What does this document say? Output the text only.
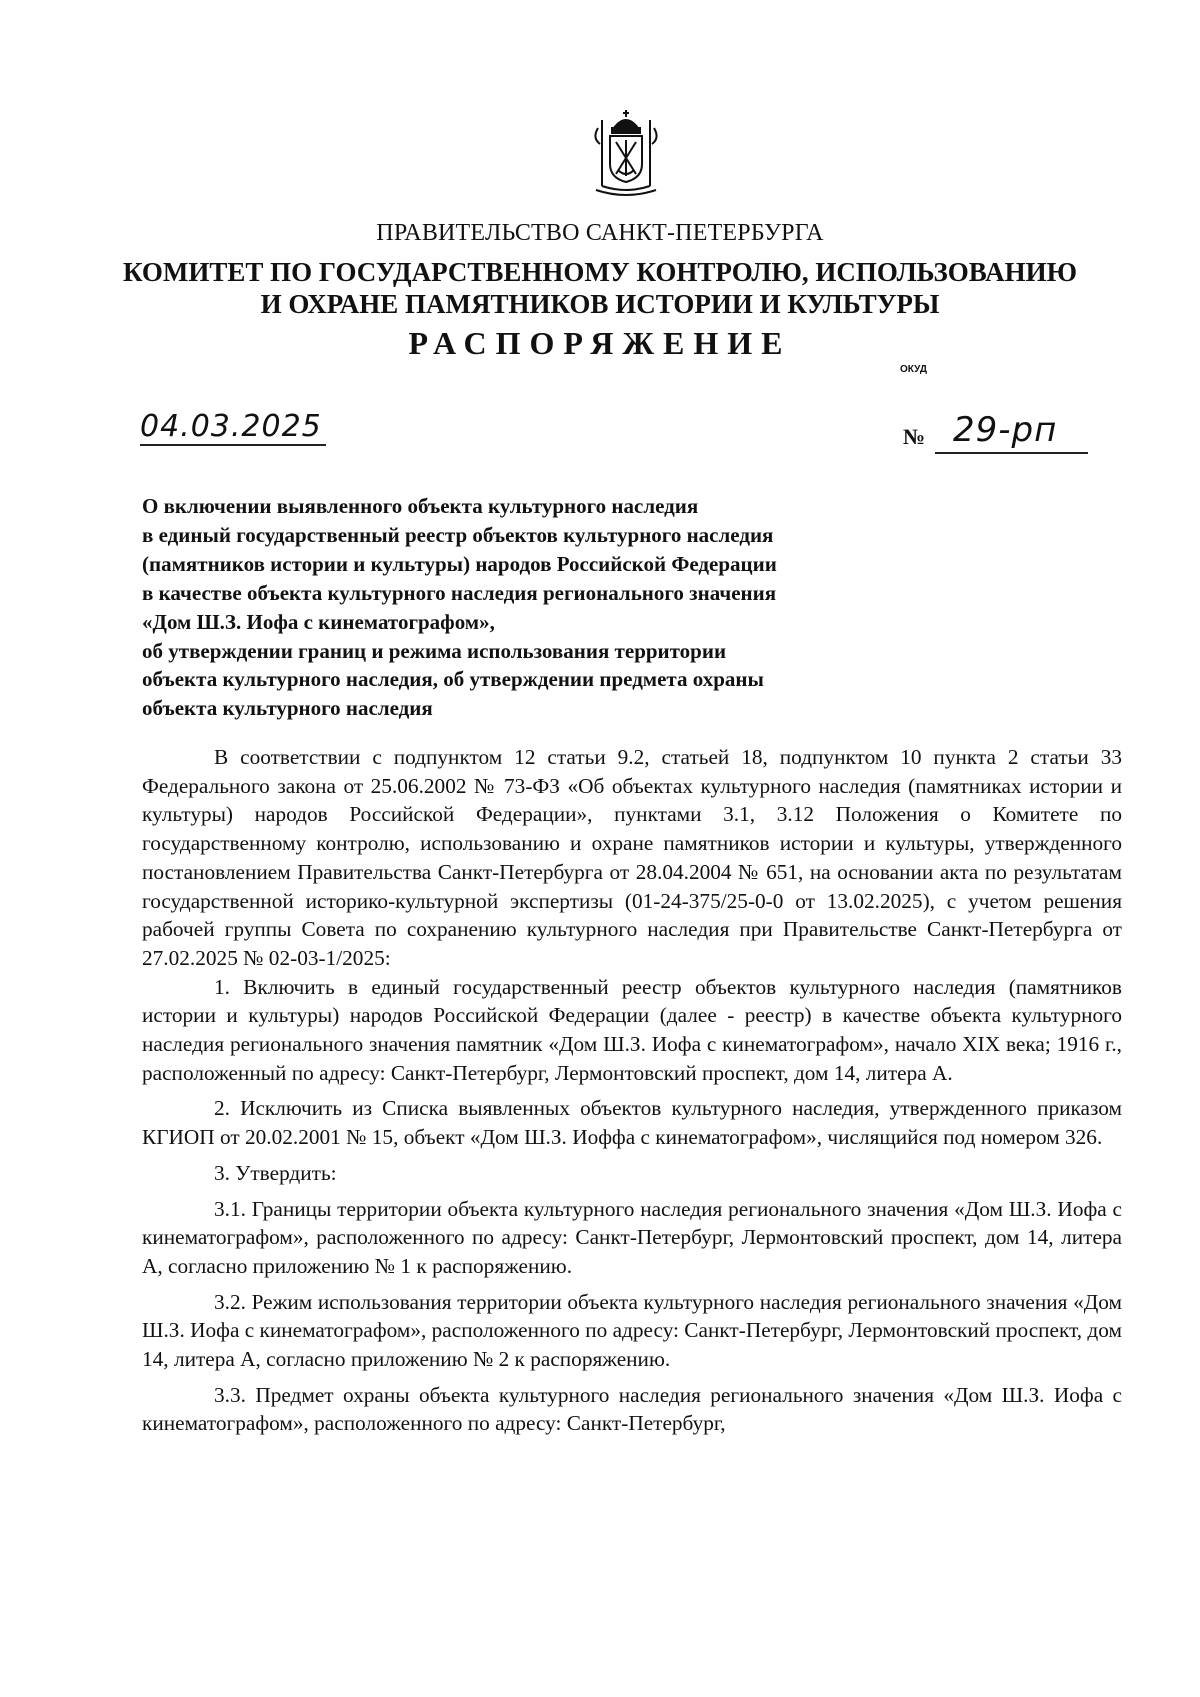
ПРАВИТЕЛЬСТВО САНКТ-ПЕТЕРБУРГА
КОМИТЕТ ПО ГОСУДАРСТВЕННОМУ КОНТРОЛЮ, ИСПОЛЬЗОВАНИЮ
И ОХРАНЕ ПАМЯТНИКОВ ИСТОРИИ И КУЛЬТУРЫ
РАСПОРЯЖЕНИЕ
ОКУД
04.03.2025	№ 29-рп
О включении выявленного объекта культурного наследия
в единый государственный реестр объектов культурного наследия
(памятников истории и культуры) народов Российской Федерации
в качестве объекта культурного наследия регионального значения
«Дом Ш.З. Иофа с кинематографом»,
об утверждении границ и режима использования территории
объекта культурного наследия, об утверждении предмета охраны
объекта культурного наследия

В соответствии с подпунктом 12 статьи 9.2, статьей 18, подпунктом 10 пункта 2 статьи 33 Федерального закона от 25.06.2002 № 73-ФЗ «Об объектах культурного наследия (памятниках истории и культуры) народов Российской Федерации», пунктами 3.1, 3.12 Положения о Комитете по государственному контролю, использованию и охране памятников истории и культуры, утвержденного постановлением Правительства Санкт-Петербурга от 28.04.2004 № 651, на основании акта по результатам государственной историко-культурной экспертизы (01-24-375/25-0-0 от 13.02.2025), с учетом решения рабочей группы Совета по сохранению культурного наследия при Правительстве Санкт-Петербурга от 27.02.2025 № 02-03-1/2025:

1. Включить в единый государственный реестр объектов культурного наследия (памятников истории и культуры) народов Российской Федерации (далее - реестр) в качестве объекта культурного наследия регионального значения памятник «Дом Ш.З. Иофа с кинематографом», начало XIX века; 1916 г., расположенный по адресу: Санкт-Петербург, Лермонтовский проспект, дом 14, литера А.

2. Исключить из Списка выявленных объектов культурного наследия, утвержденного приказом КГИОП от 20.02.2001 № 15, объект «Дом Ш.З. Иоффа с кинематографом», числящийся под номером 326.

3. Утвердить:

3.1. Границы территории объекта культурного наследия регионального значения «Дом Ш.З. Иофа с кинематографом», расположенного по адресу: Санкт-Петербург, Лермонтовский проспект, дом 14, литера А, согласно приложению № 1 к распоряжению.

3.2. Режим использования территории объекта культурного наследия регионального значения «Дом Ш.З. Иофа с кинематографом», расположенного по адресу: Санкт-Петербург, Лермонтовский проспект, дом 14, литера А, согласно приложению № 2 к распоряжению.

3.3. Предмет охраны объекта культурного наследия регионального значения «Дом Ш.З. Иофа с кинематографом», расположенного по адресу: Санкт-Петербург,
